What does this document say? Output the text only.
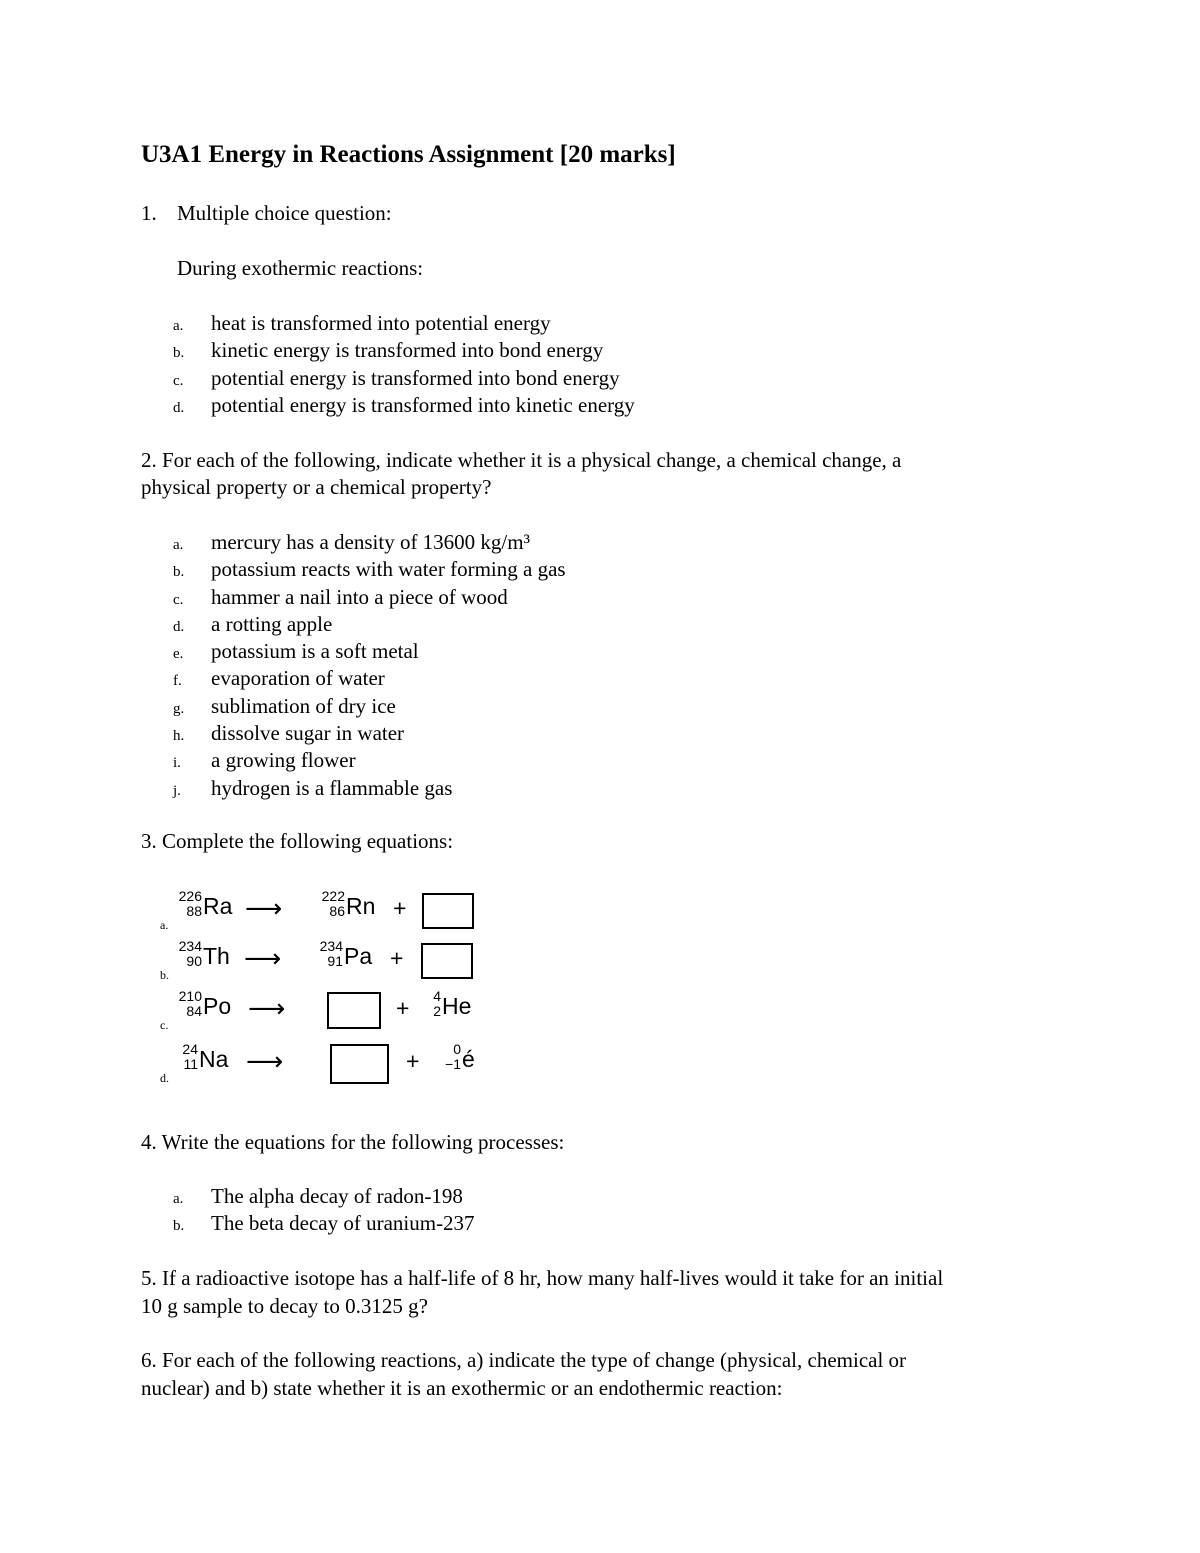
U3A1 Energy in Reactions Assignment [20 marks]
1. Multiple choice question:
During exothermic reactions:
a. heat is transformed into potential energy
b. kinetic energy is transformed into bond energy
c. potential energy is transformed into bond energy
d. potential energy is transformed into kinetic energy
2. For each of the following, indicate whether it is a physical change, a chemical change, a
physical property or a chemical property?
a. mercury has a density of 13600 kg/m³
b. potassium reacts with water forming a gas
c. hammer a nail into a piece of wood
d. a rotting apple
e. potassium is a soft metal
f. evaporation of water
g. sublimation of dry ice
h. dissolve sugar in water
i. a growing flower
j. hydrogen is a flammable gas
3. Complete the following equations:
a.
226
88 Ra ⟶	222
86 Rn +
b.
234
90 Th ⟶	234
91 Pa +
c.
210
84 Po ⟶	+ 4
2 He
d.
24
11 Na ⟶	+ 0
−1 é
4. Write the equations for the following processes:
a. The alpha decay of radon-198
b. The beta decay of uranium-237
5. If a radioactive isotope has a half-life of 8 hr, how many half-lives would it take for an initial
10 g sample to decay to 0.3125 g?
6. For each of the following reactions, a) indicate the type of change (physical, chemical or
nuclear) and b) state whether it is an exothermic or an endothermic reaction:
